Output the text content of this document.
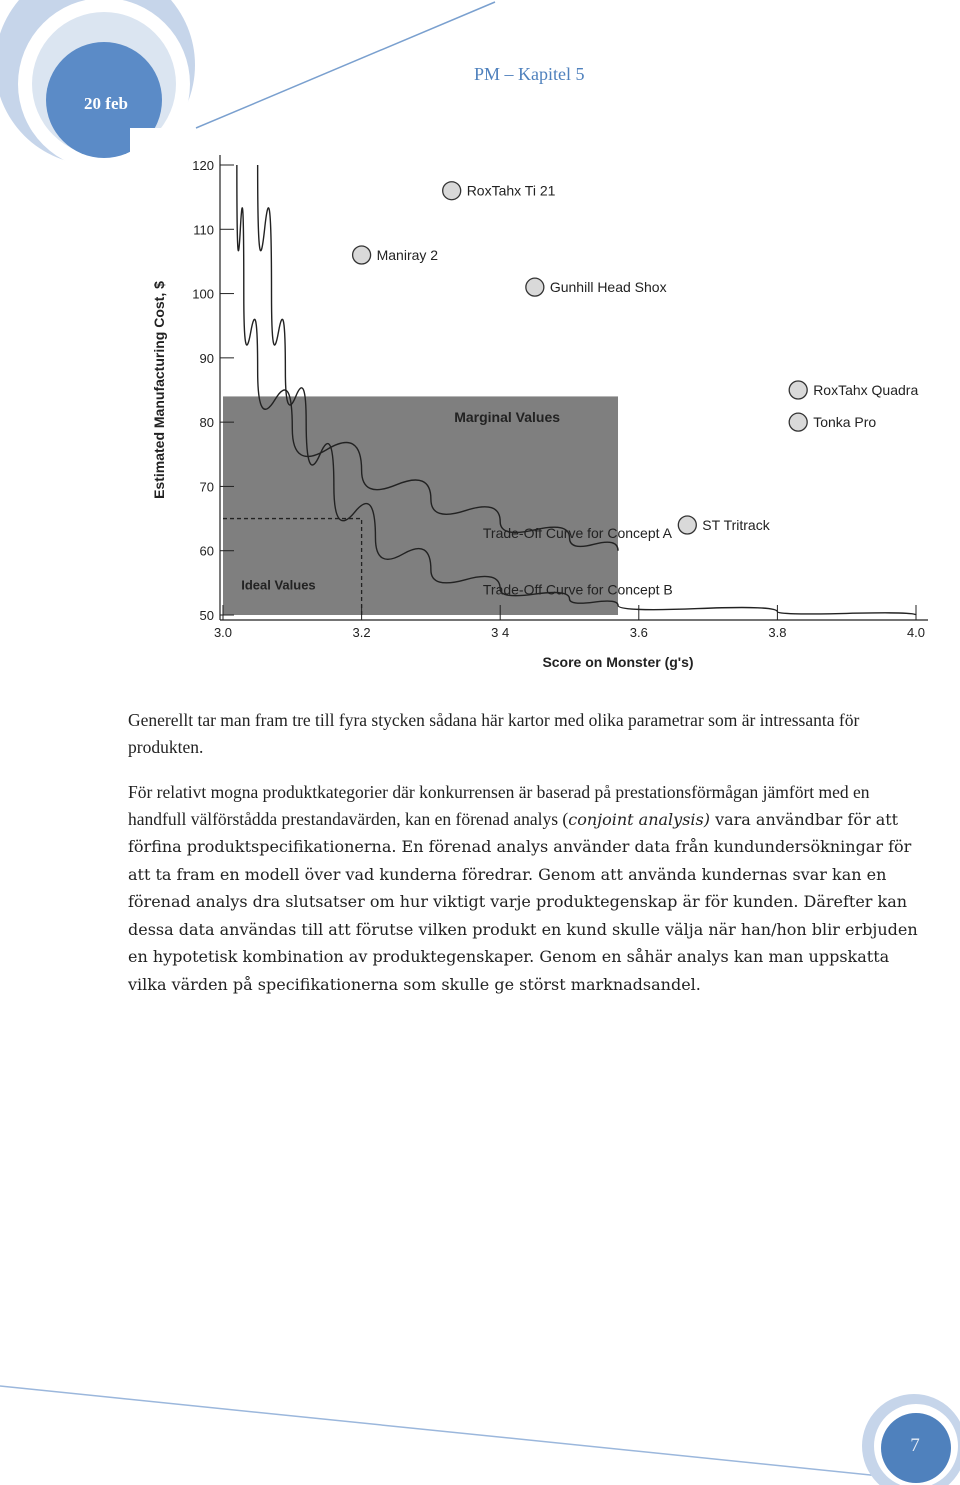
20 feb
PM – Kapitel 5
120
110
100
90
80
70
60
50
3.0	3.2	3 4	3.6	3.8	4.0
Score on Monster (g's)
Estimated Manufacturing Cost, $
RoxTahx Ti 21
Maniray 2
Gunhill Head Shox
RoxTahx Quadra
Tonka Pro
ST Tritrack
Marginal Values
Ideal Values
Trade-Off Curve for Concept A
Trade-Off Curve for Concept B

Generellt tar man fram tre till fyra stycken sådana här kartor med olika parametrar som är intressanta för produkten.

För relativt mogna produktkategorier där konkurrensen är baserad på prestationsförmågan jämfört med en handfull välförstådda prestandavärden, kan en förenad analys (conjoint analysis) vara användbar för att förfina produktspecifikationerna. En förenad analys använder data från kundundersökningar för att ta fram en modell över vad kunderna föredrar. Genom att använda kundernas svar kan en förenad analys dra slutsatser om hur viktigt varje produktegenskap är för kunden. Därefter kan dessa data användas till att förutse vilken produkt en kund skulle välja när han/hon blir erbjuden en hypotetisk kombination av produktegenskaper. Genom en såhär analys kan man uppskatta vilka värden på specifikationerna som skulle ge störst marknadsandel.

7
